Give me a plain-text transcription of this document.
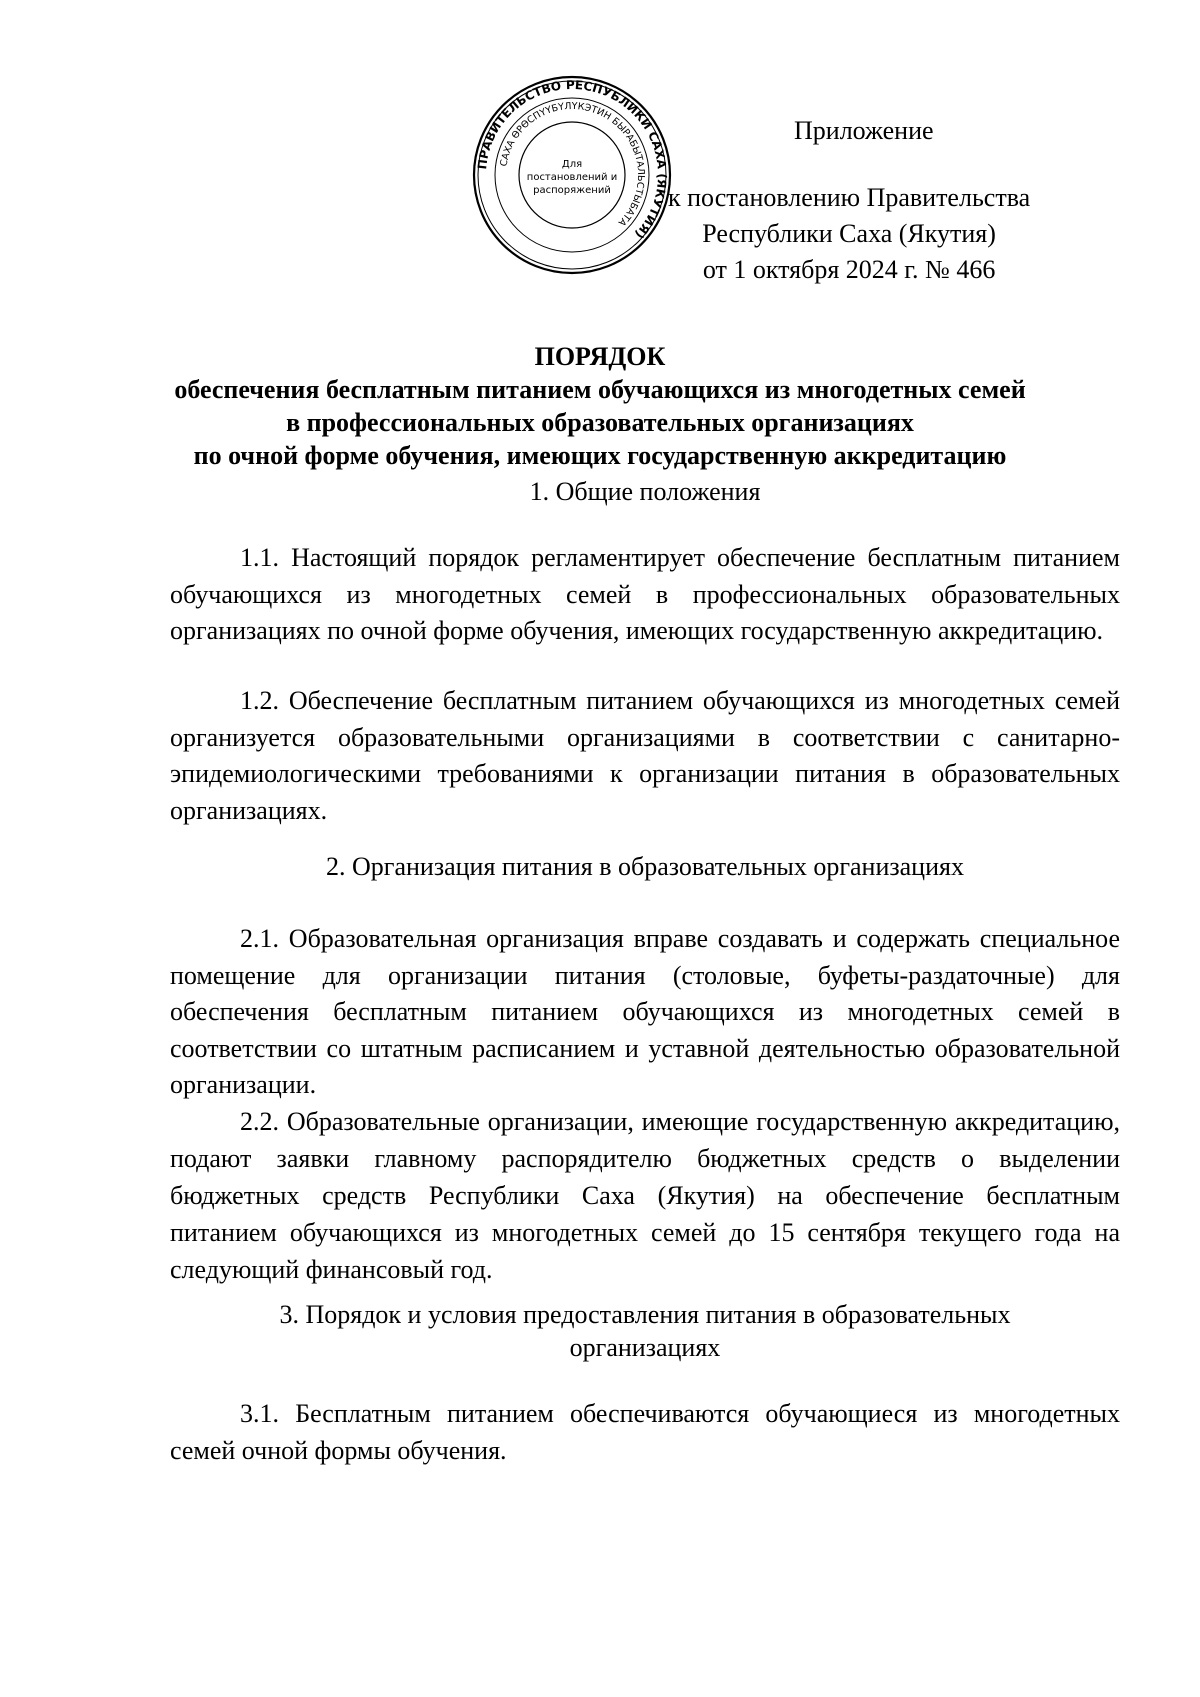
ПРАВИТЕЛЬСТВО РЕСПУБЛИКИ САХА (ЯКУТИЯ)
САХА ӨРӨСПҮҮБҮЛҮКЭТИН БЫРАБЫТАЛЬСТЫБАТА
Для
постановлений и
распоряжений
Приложение
к постановлению Правительства
Республики Саха (Якутия)
от 1 октября 2024 г. № 466
ПОРЯДОК
обеспечения бесплатным питанием обучающихся из многодетных семей
в профессиональных образовательных организациях
по очной форме обучения, имеющих государственную аккредитацию
1. Общие положения

1.1. Настоящий порядок регламентирует обеспечение бесплатным питанием обучающихся из многодетных семей в профессиональных образовательных организациях по очной форме обучения, имеющих государственную аккредитацию.

1.2. Обеспечение бесплатным питанием обучающихся из многодетных семей организуется образовательными организациями в соответствии с санитарно-эпидемиологическими требованиями к организации питания в образовательных организациях.

2. Организация питания в образовательных организациях

2.1. Образовательная организация вправе создавать и содержать специальное помещение для организации питания (столовые, буфеты-раздаточные) для обеспечения бесплатным питанием обучающихся из многодетных семей в соответствии со штатным расписанием и уставной деятельностью образовательной организации.

2.2. Образовательные организации, имеющие государственную аккредитацию, подают заявки главному распорядителю бюджетных средств о выделении бюджетных средств Республики Саха (Якутия) на обеспечение бесплатным питанием обучающихся из многодетных семей до 15 сентября текущего года на следующий финансовый год.

3. Порядок и условия предоставления питания в образовательных
организациях

3.1. Бесплатным питанием обеспечиваются обучающиеся из многодетных семей очной формы обучения.
